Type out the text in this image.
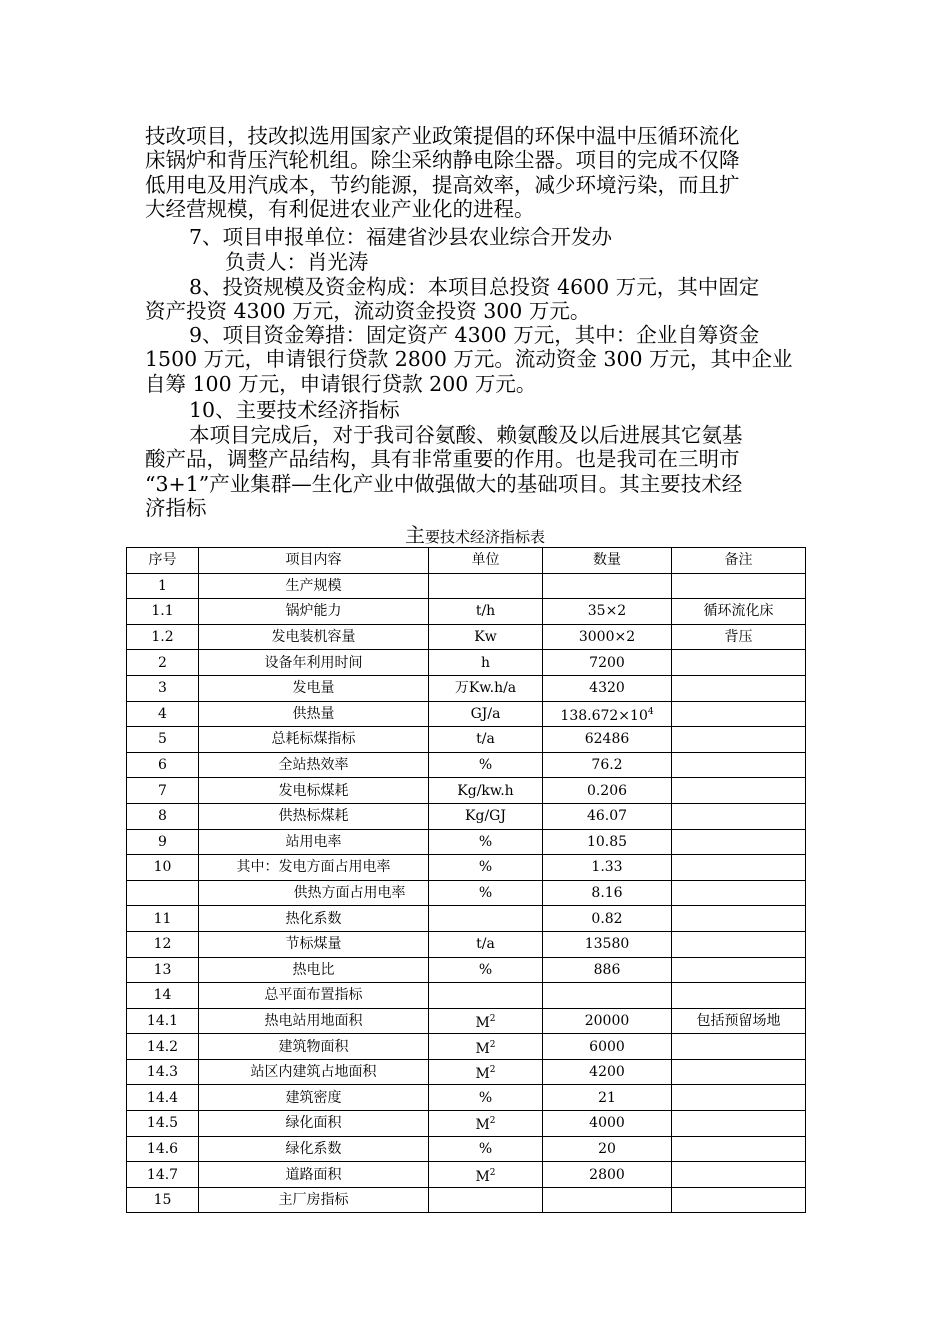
技改项目，技改拟选用国家产业政策提倡的环保中温中压循环流化
床锅炉和背压汽轮机组。除尘采纳静电除尘器。项目的完成不仅降
低用电及用汽成本，节约能源，提高效率，减少环境污染，而且扩
大经营规模，有利促进农业产业化的进程。
7、项目申报单位：福建省沙县农业综合开发办
负责人：肖光涛
8、投资规模及资金构成：本项目总投资 4600 万元，其中固定
资产投资 4300 万元，流动资金投资 300 万元。
9、项目资金筹措：固定资产 4300 万元，其中：企业自筹资金
1500 万元，申请银行贷款 2800 万元。流动资金 300 万元，其中企业
自筹 100 万元，申请银行贷款 200 万元。
10、主要技术经济指标
本项目完成后，对于我司谷氨酸、赖氨酸及以后进展其它氨基
酸产品，调整产品结构，具有非常重要的作用。也是我司在三明市
“3+1”产业集群—生化产业中做强做大的基础项目。其主要技术经
济指标
主要技术经济指标表
序号	项目内容	单位	数量	备注
1	生产规模			
1.1	锅炉能力	t/h	35×2	循环流化床
1.2	发电装机容量	Kw	3000×2	背压
2	设备年利用时间	h	7200	
3	发电量	万Kw.h/a	4320	
4	供热量	GJ/a	$138.672\times 10^4$	
5	总耗标煤指标	t/a	62486	
6	全站热效率	%	76.2	
7	发电标煤耗	Kg/kw.h	0.206	
8	供热标煤耗	Kg/GJ	46.07	
9	站用电率	%	10.85	
10	其中：发电方面占用电率	%	1.33	
	供热方面占用电率	%	8.16	
11	热化系数		0.82	
12	节标煤量	t/a	13580	
13	热电比	%	886	
14	总平面布置指标			
14.1	热电站用地面积	$M^2$	20000	包括预留场地
14.2	建筑物面积	$M^2$	6000	
14.3	站区内建筑占地面积	$M^2$	4200	
14.4	建筑密度	%	21	
14.5	绿化面积	$M^2$	4000	
14.6	绿化系数	%	20	
14.7	道路面积	$M^2$	2800	
15	主厂房指标			
